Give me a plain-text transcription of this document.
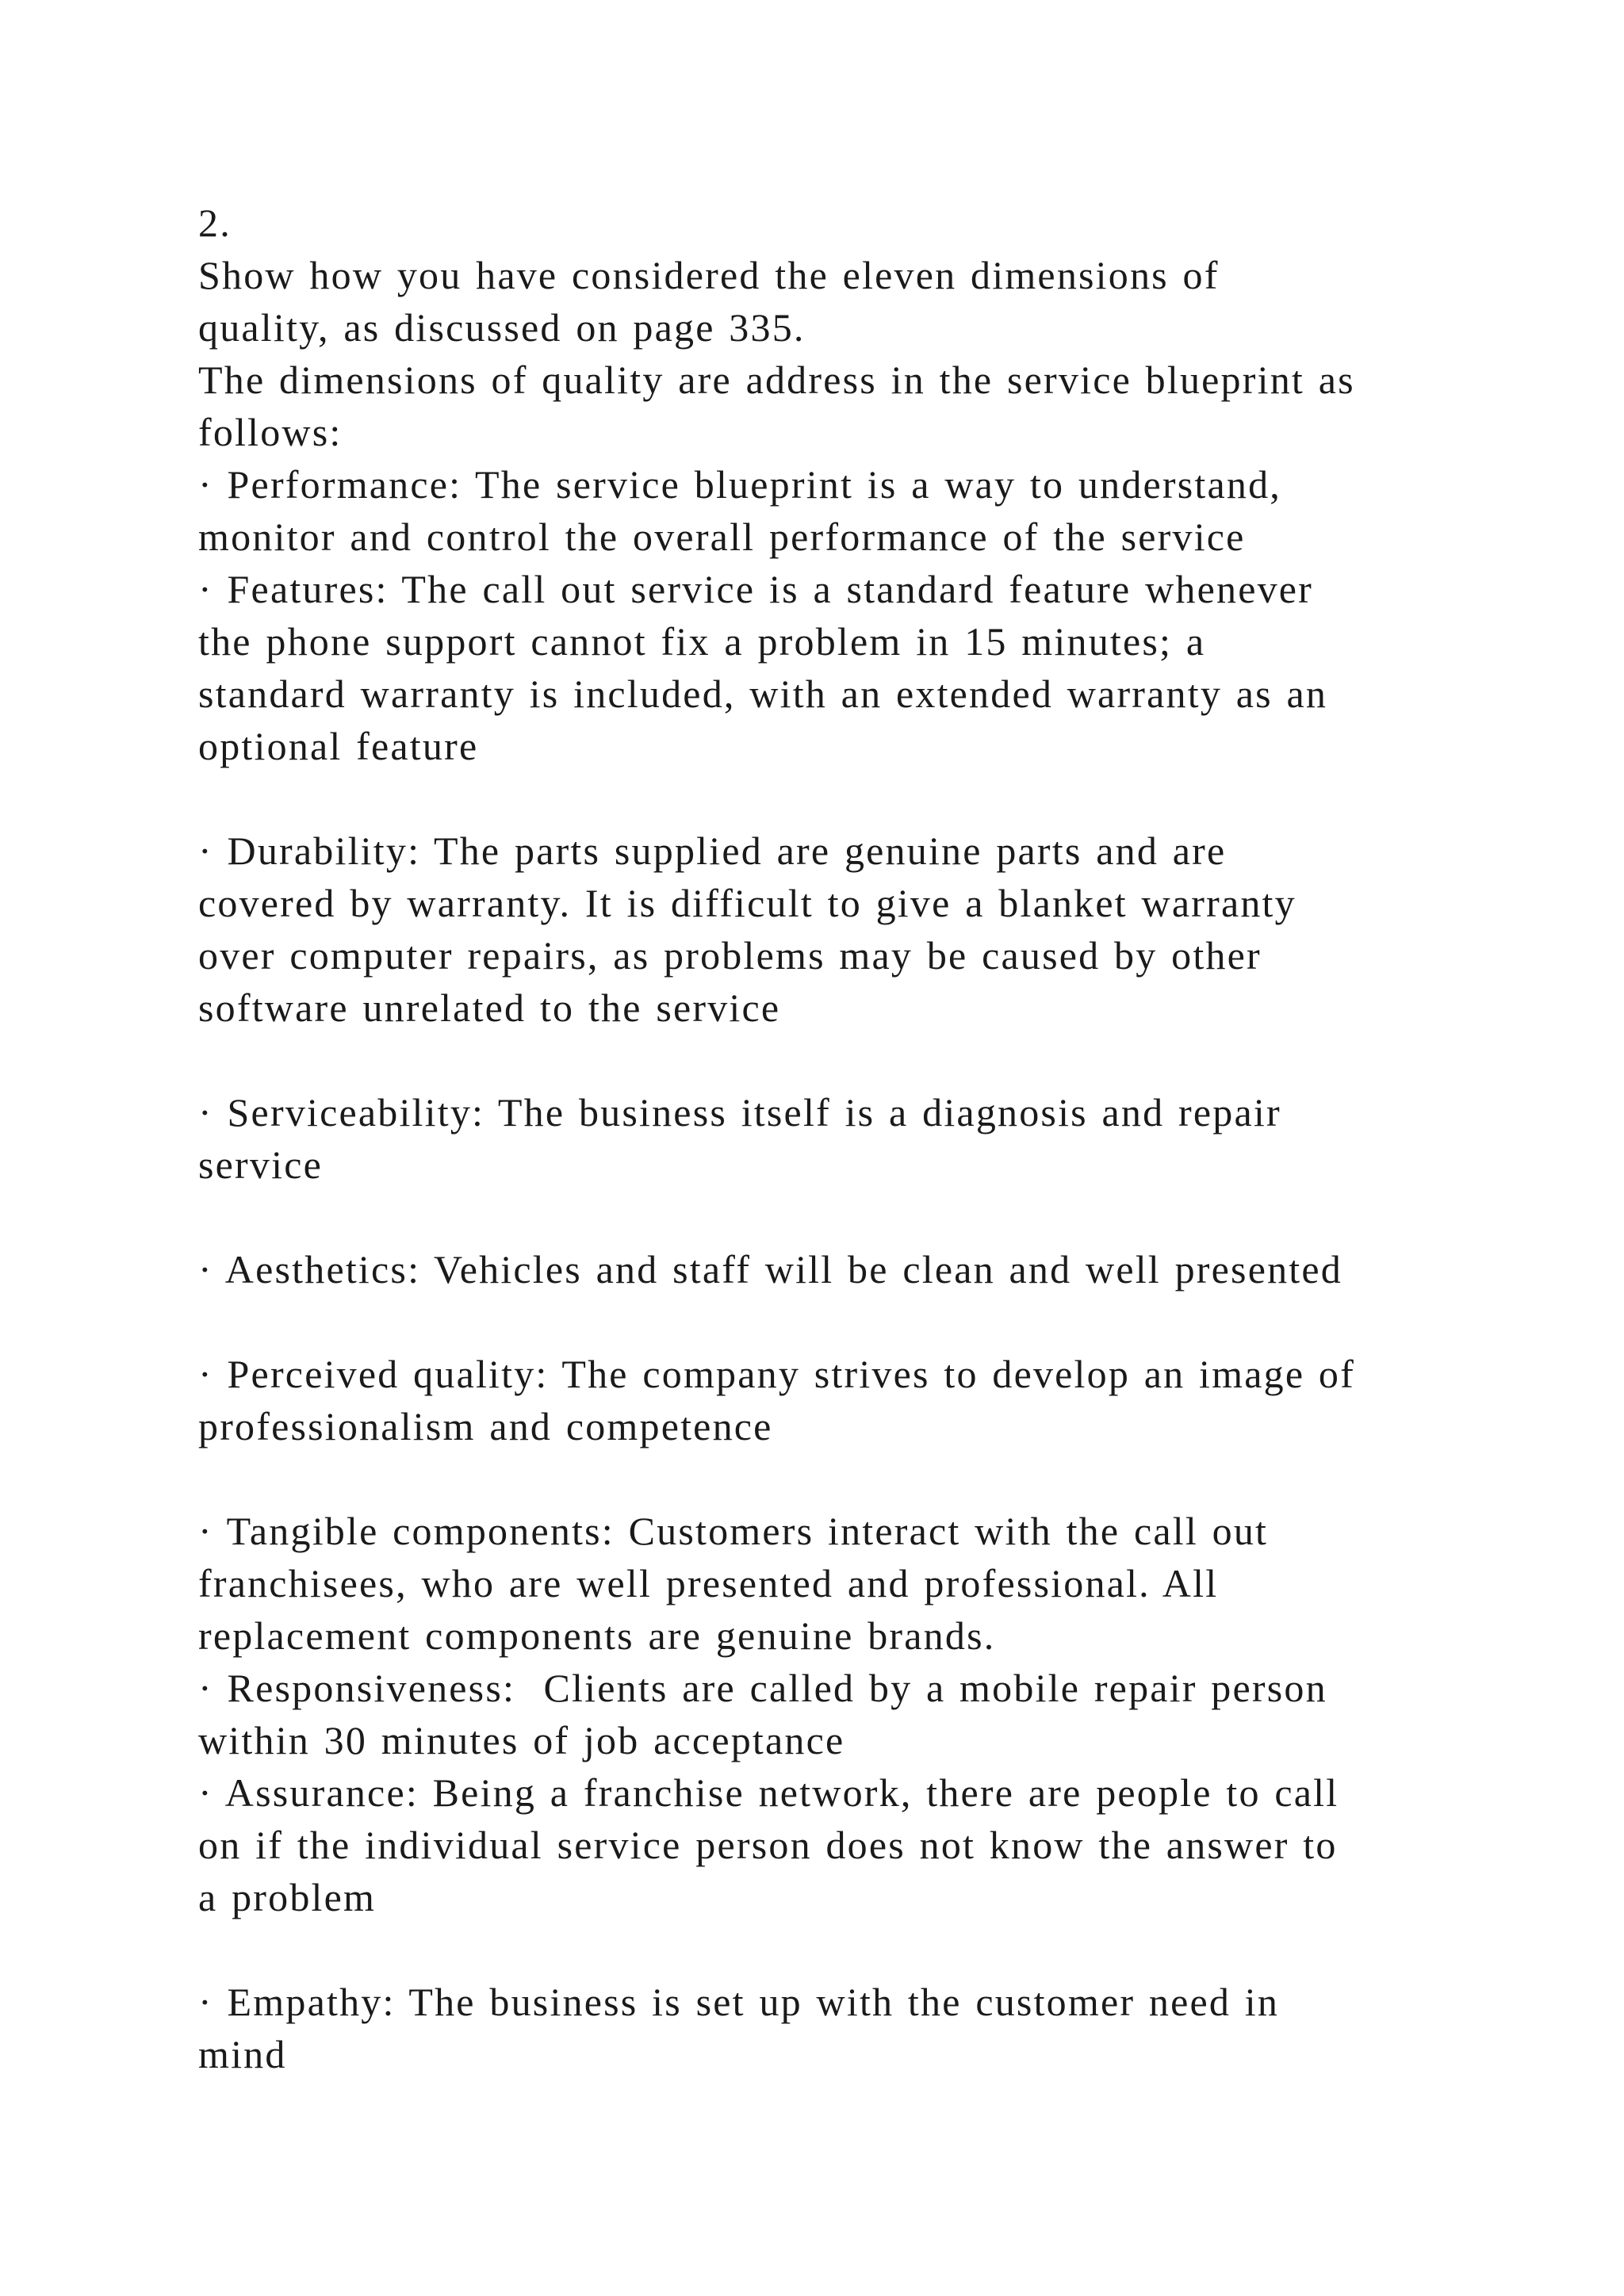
2.
Show how you have considered the eleven dimensions of
quality, as discussed on page 335.
The dimensions of quality are address in the service blueprint as
follows:
· Performance: The service blueprint is a way to understand,
monitor and control the overall performance of the service
· Features: The call out service is a standard feature whenever
the phone support cannot fix a problem in 15 minutes; a
standard warranty is included, with an extended warranty as an
optional feature
· Durability: The parts supplied are genuine parts and are
covered by warranty. It is difficult to give a blanket warranty
over computer repairs, as problems may be caused by other
software unrelated to the service
· Serviceability: The business itself is a diagnosis and repair
service
· Aesthetics: Vehicles and staff will be clean and well presented
· Perceived quality: The company strives to develop an image of
professionalism and competence
· Tangible components: Customers interact with the call out
franchisees, who are well presented and professional. All
replacement components are genuine brands.
· Responsiveness:  Clients are called by a mobile repair person
within 30 minutes of job acceptance
· Assurance: Being a franchise network, there are people to call
on if the individual service person does not know the answer to
a problem
· Empathy: The business is set up with the customer need in
mind
